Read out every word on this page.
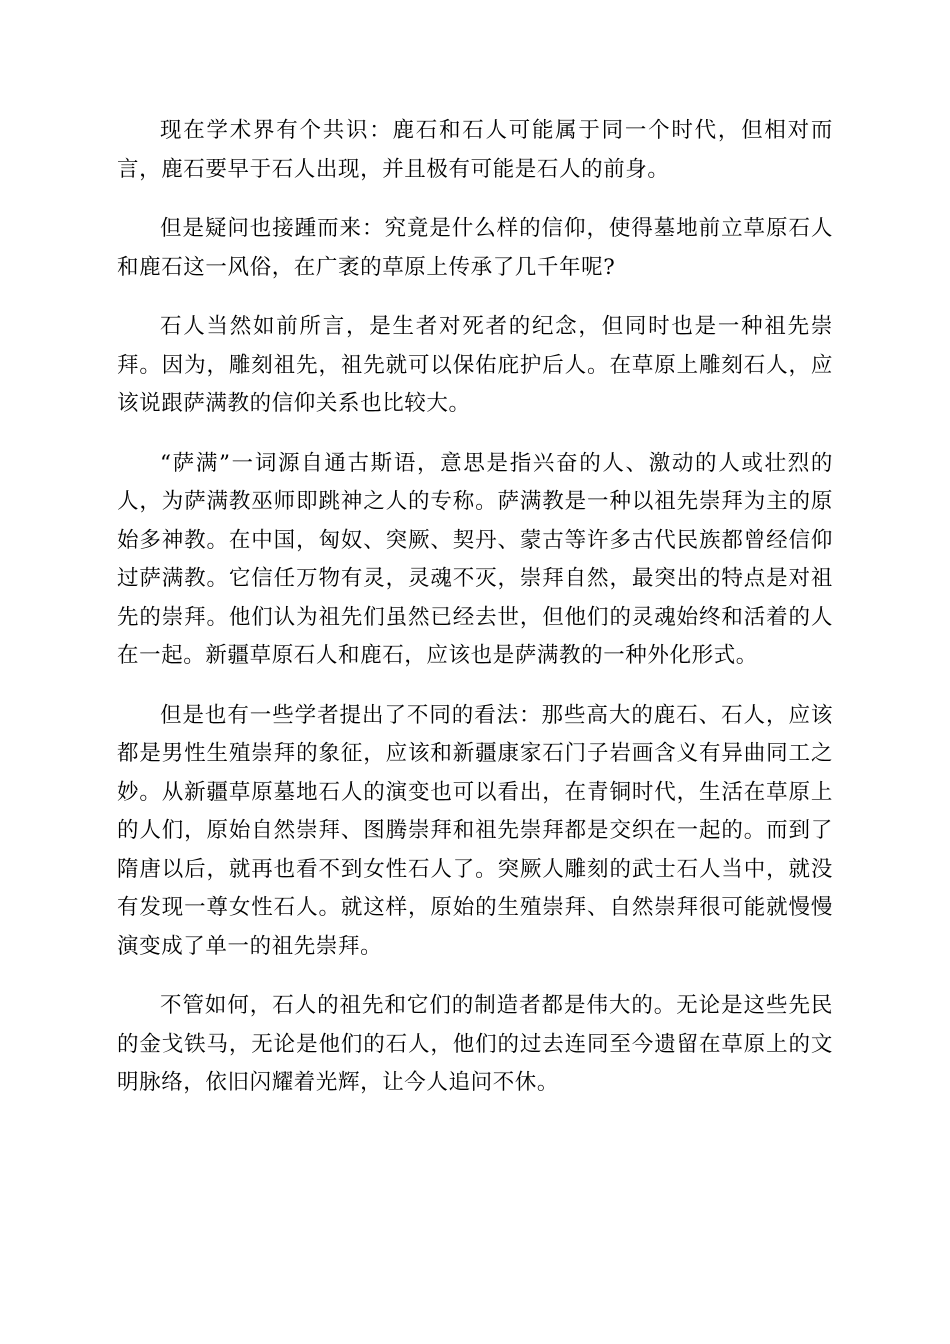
现在学术界有个共识：鹿石和石人可能属于同一个时代，但相对而言，鹿石要早于石人出现，并且极有可能是石人的前身。

但是疑问也接踵而来：究竟是什么样的信仰，使得墓地前立草原石人和鹿石这一风俗，在广袤的草原上传承了几千年呢?

石人当然如前所言，是生者对死者的纪念，但同时也是一种祖先崇拜。因为，雕刻祖先，祖先就可以保佑庇护后人。在草原上雕刻石人，应该说跟萨满教的信仰关系也比较大。

“萨满”一词源自通古斯语，意思是指兴奋的人、激动的人或壮烈的人，为萨满教巫师即跳神之人的专称。萨满教是一种以祖先崇拜为主的原始多神教。在中国，匈奴、突厥、契丹、蒙古等许多古代民族都曾经信仰过萨满教。它信任万物有灵，灵魂不灭，崇拜自然，最突出的特点是对祖先的崇拜。他们认为祖先们虽然已经去世，但他们的灵魂始终和活着的人在一起。新疆草原石人和鹿石，应该也是萨满教的一种外化形式。

但是也有一些学者提出了不同的看法：那些高大的鹿石、石人，应该都是男性生殖崇拜的象征，应该和新疆康家石门子岩画含义有异曲同工之妙。从新疆草原墓地石人的演变也可以看出，在青铜时代，生活在草原上的人们，原始自然崇拜、图腾崇拜和祖先崇拜都是交织在一起的。而到了隋唐以后，就再也看不到女性石人了。突厥人雕刻的武士石人当中，就没有发现一尊女性石人。就这样，原始的生殖崇拜、自然崇拜很可能就慢慢演变成了单一的祖先崇拜。

不管如何，石人的祖先和它们的制造者都是伟大的。无论是这些先民的金戈铁马，无论是他们的石人，他们的过去连同至今遗留在草原上的文明脉络，依旧闪耀着光辉，让今人追问不休。
